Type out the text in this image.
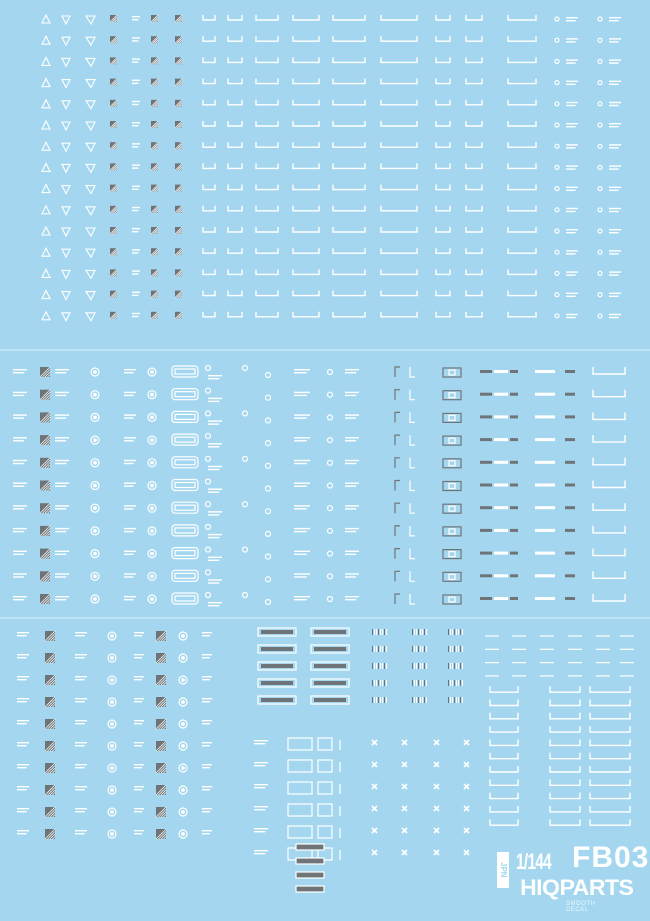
JPN 1/144 FB03
HIQPARTS
SMOOTH DECAL
